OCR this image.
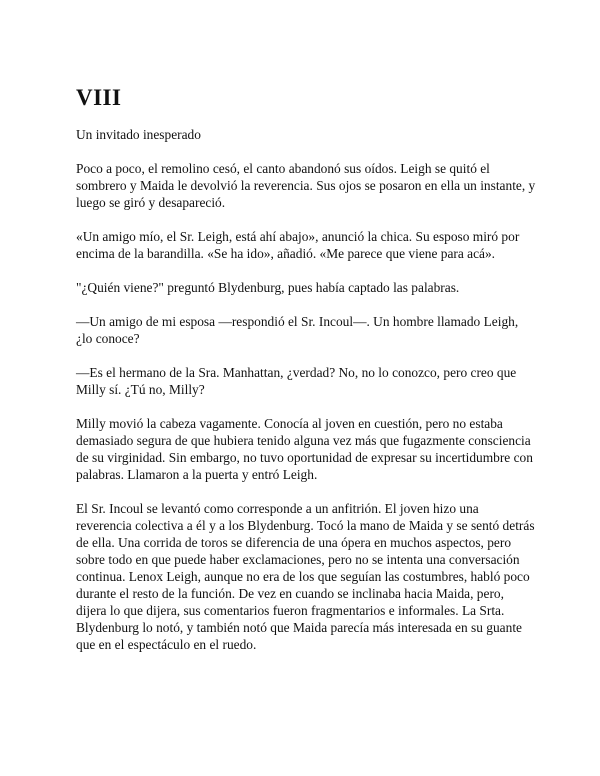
VIII
Un invitado inesperado

Poco a poco, el remolino cesó, el canto abandonó sus oídos. Leigh se quitó el sombrero y Maida le devolvió la reverencia. Sus ojos se posaron en ella un instante, y luego se giró y desapareció.

«Un amigo mío, el Sr. Leigh, está ahí abajo», anunció la chica. Su esposo miró por encima de la barandilla. «Se ha ido», añadió. «Me parece que viene para acá».

"¿Quién viene?" preguntó Blydenburg, pues había captado las palabras.

—Un amigo de mi esposa —respondió el Sr. Incoul—. Un hombre llamado Leigh, ¿lo conoce?

—Es el hermano de la Sra. Manhattan, ¿verdad? No, no lo conozco, pero creo que Milly sí. ¿Tú no, Milly?

Milly movió la cabeza vagamente. Conocía al joven en cuestión, pero no estaba demasiado segura de que hubiera tenido alguna vez más que fugazmente consciencia de su virginidad. Sin embargo, no tuvo oportunidad de expresar su incertidumbre con palabras. Llamaron a la puerta y entró Leigh.

El Sr. Incoul se levantó como corresponde a un anfitrión. El joven hizo una reverencia colectiva a él y a los Blydenburg. Tocó la mano de Maida y se sentó detrás de ella. Una corrida de toros se diferencia de una ópera en muchos aspectos, pero sobre todo en que puede haber exclamaciones, pero no se intenta una conversación continua. Lenox Leigh, aunque no era de los que seguían las costumbres, habló poco durante el resto de la función. De vez en cuando se inclinaba hacia Maida, pero, dijera lo que dijera, sus comentarios fueron fragmentarios e informales. La Srta. Blydenburg lo notó, y también notó que Maida parecía más interesada en su guante que en el espectáculo en el ruedo.
